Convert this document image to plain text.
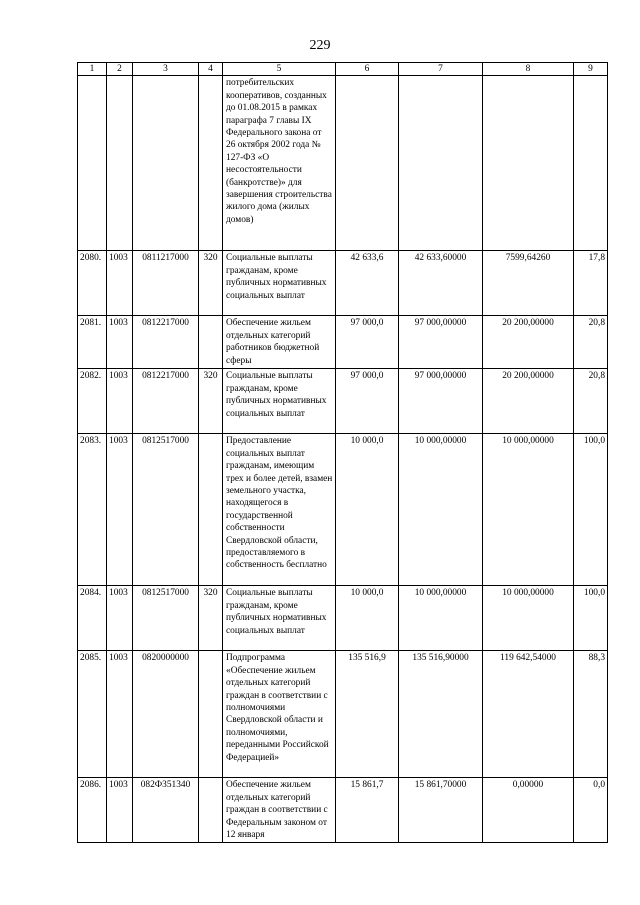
229
1	2	3	4	5	6	7	8	9
				потребительских кооперативов, созданных до 01.08.2015 в рамках параграфа 7 главы IX Федерального закона от 26 октября 2002 года № 127-ФЗ «О несостоятельности (банкротстве)» для завершения строительства жилого дома (жилых домов)				
2080.	1003	0811217000	320	Социальные выплаты гражданам, кроме публичных нормативных социальных выплат	42 633,6	42 633,60000	7599,64260	17,8
2081.	1003	0812217000		Обеспечение жильем отдельных категорий работников бюджетной сферы	97 000,0	97 000,00000	20 200,00000	20,8
2082.	1003	0812217000	320	Социальные выплаты гражданам, кроме публичных нормативных социальных выплат	97 000,0	97 000,00000	20 200,00000	20,8
2083.	1003	0812517000		Предоставление социальных выплат гражданам, имеющим трех и более детей, взамен земельного участка, находящегося в государственной собственности Свердловской области, предоставляемого в собственность бесплатно	10 000,0	10 000,00000	10 000,00000	100,0
2084.	1003	0812517000	320	Социальные выплаты гражданам, кроме публичных нормативных социальных выплат	10 000,0	10 000,00000	10 000,00000	100,0
2085.	1003	0820000000		Подпрограмма «Обеспечение жильем отдельных категорий граждан в соответствии с полномочиями Свердловской области и полномочиями, переданными Российской Федерацией»	135 516,9	135 516,90000	119 642,54000	88,3
2086.	1003	082Ф351340		Обеспечение жильем отдельных категорий граждан в соответствии с Федеральным законом от 12 января	15 861,7	15 861,70000	0,00000	0,0
